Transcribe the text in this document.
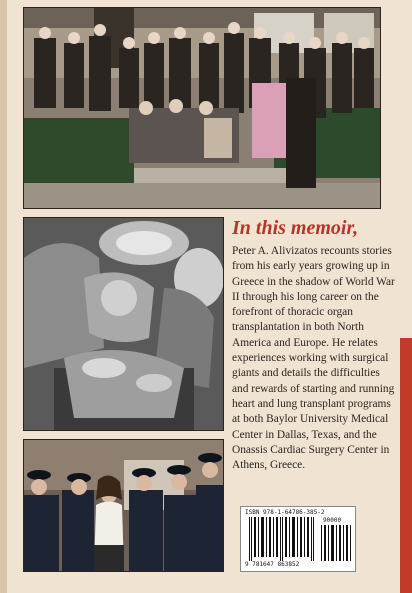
In this memoir,
Peter A. Alivizatos recounts stories from his early years growing up in Greece in the shadow of World War II through his long career on the forefront of thoracic organ transplantation in both North America and Europe. He relates experiences working with surgical giants and details the difficulties and rewards of starting and running heart and lung transplant programs at both Baylor University Medical Center in Dallas, Texas, and the Onassis Cardiac Surgery Center in Athens, Greece.
ISBN 978-1-64786-385-2
90000
9 781647 863852
